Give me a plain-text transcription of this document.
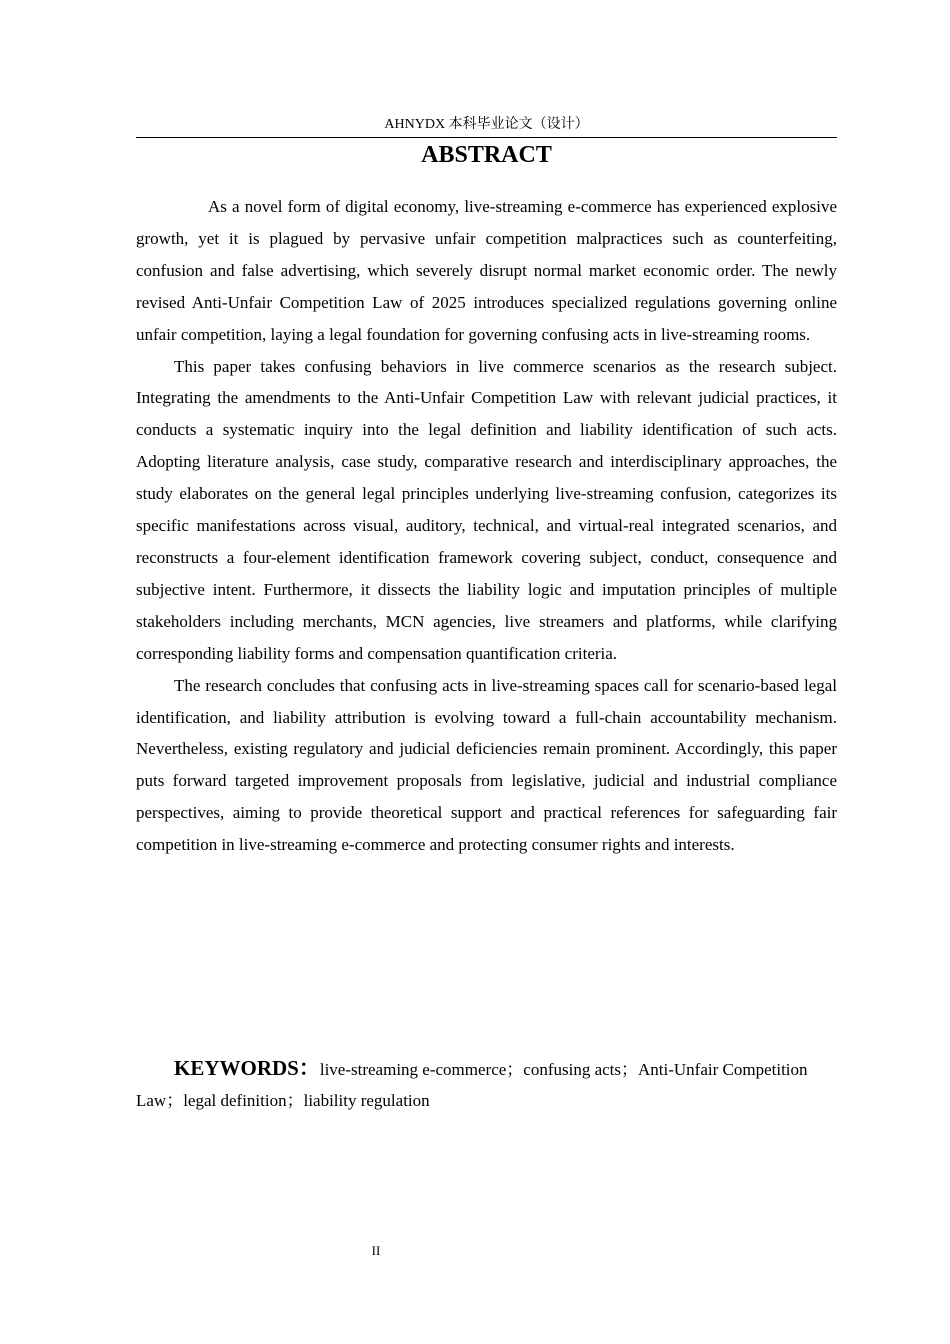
AHNYDX 本科毕业论文（设计）
ABSTRACT

As a novel form of digital economy, live-streaming e-commerce has experienced explosive growth, yet it is plagued by pervasive unfair competition malpractices such as counterfeiting, confusion and false advertising, which severely disrupt normal market economic order. The newly revised Anti-Unfair Competition Law of 2025 introduces specialized regulations governing online unfair competition, laying a legal foundation for governing confusing acts in live-streaming rooms.

This paper takes confusing behaviors in live commerce scenarios as the research subject. Integrating the amendments to the Anti-Unfair Competition Law with relevant judicial practices, it conducts a systematic inquiry into the legal definition and liability identification of such acts. Adopting literature analysis, case study, comparative research and interdisciplinary approaches, the study elaborates on the general legal principles underlying live-streaming confusion, categorizes its specific manifestations across visual, auditory, technical, and virtual-real integrated scenarios, and reconstructs a four-element identification framework covering subject, conduct, consequence and subjective intent. Furthermore, it dissects the liability logic and imputation principles of multiple stakeholders including merchants, MCN agencies, live streamers and platforms, while clarifying corresponding liability forms and compensation quantification criteria.

The research concludes that confusing acts in live-streaming spaces call for scenario-based legal identification, and liability attribution is evolving toward a full-chain accountability mechanism. Nevertheless, existing regulatory and judicial deficiencies remain prominent. Accordingly, this paper puts forward targeted improvement proposals from legislative, judicial and industrial compliance perspectives, aiming to provide theoretical support and practical references for safeguarding fair competition in live-streaming e-commerce and protecting consumer rights and interests.

KEYWORDS：live-streaming e-commerce；confusing acts；Anti-Unfair Competition Law；legal definition；liability regulation
II
